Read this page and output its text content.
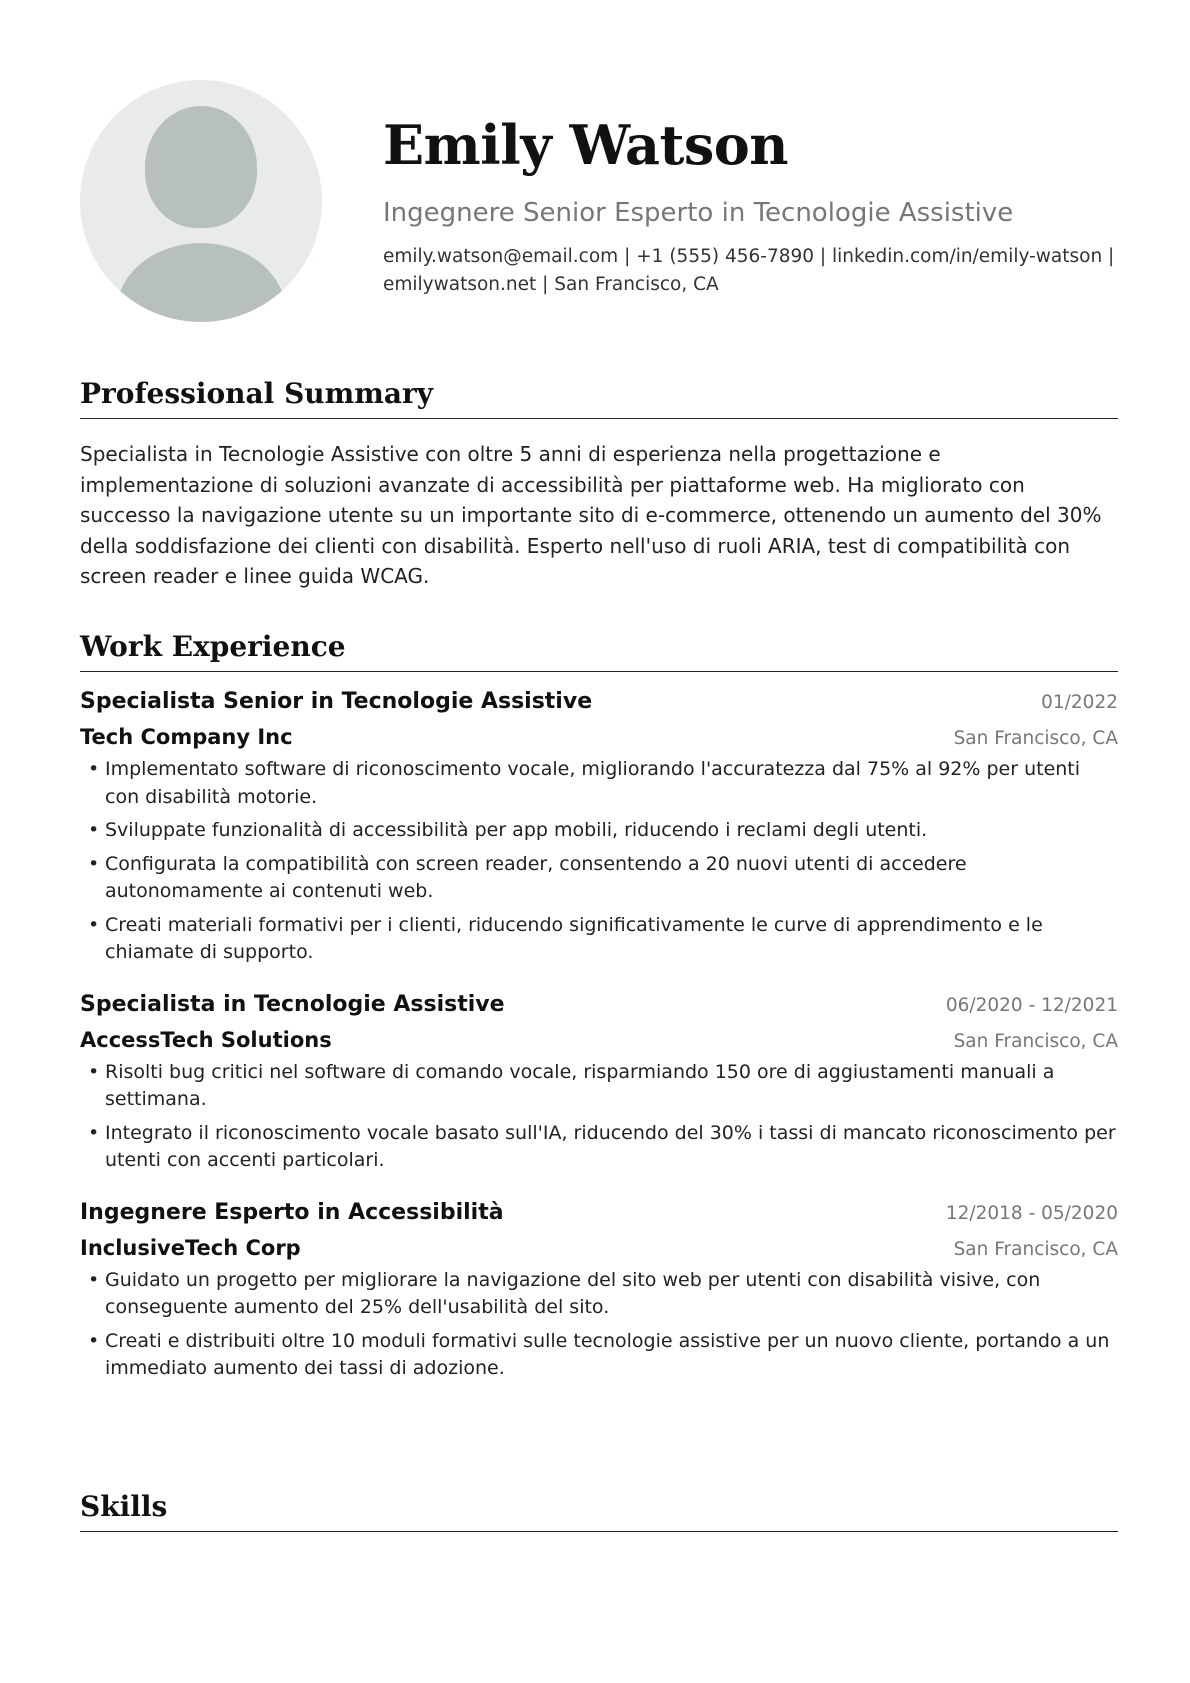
Emily Watson
Ingegnere Senior Esperto in Tecnologie Assistive
emily.watson@email.com | +1 (555) 456-7890 | linkedin.com/in/emily-watson |
emilywatson.net | San Francisco, CA
Professional Summary
Specialista in Tecnologie Assistive con oltre 5 anni di esperienza nella progettazione e implementazione di soluzioni avanzate di accessibilità per piattaforme web. Ha migliorato con successo la navigazione utente su un importante sito di e-commerce, ottenendo un aumento del 30% della soddisfazione dei clienti con disabilità. Esperto nell'uso di ruoli ARIA, test di compatibilità con screen reader e linee guida WCAG.
Work Experience
Specialista Senior in Tecnologie Assistive	01/2022
Tech Company Inc	San Francisco, CA
• Implementato software di riconoscimento vocale, migliorando l'accuratezza dal 75% al 92% per utenti con disabilità motorie.
• Sviluppate funzionalità di accessibilità per app mobili, riducendo i reclami degli utenti.
• Configurata la compatibilità con screen reader, consentendo a 20 nuovi utenti di accedere autonomamente ai contenuti web.
• Creati materiali formativi per i clienti, riducendo significativamente le curve di apprendimento e le chiamate di supporto.
Specialista in Tecnologie Assistive	06/2020 - 12/2021
AccessTech Solutions	San Francisco, CA
• Risolti bug critici nel software di comando vocale, risparmiando 150 ore di aggiustamenti manuali a settimana.
• Integrato il riconoscimento vocale basato sull'IA, riducendo del 30% i tassi di mancato riconoscimento per utenti con accenti particolari.
Ingegnere Esperto in Accessibilità	12/2018 - 05/2020
InclusiveTech Corp	San Francisco, CA
• Guidato un progetto per migliorare la navigazione del sito web per utenti con disabilità visive, con conseguente aumento del 25% dell'usabilità del sito.
• Creati e distribuiti oltre 10 moduli formativi sulle tecnologie assistive per un nuovo cliente, portando a un immediato aumento dei tassi di adozione.
Skills
